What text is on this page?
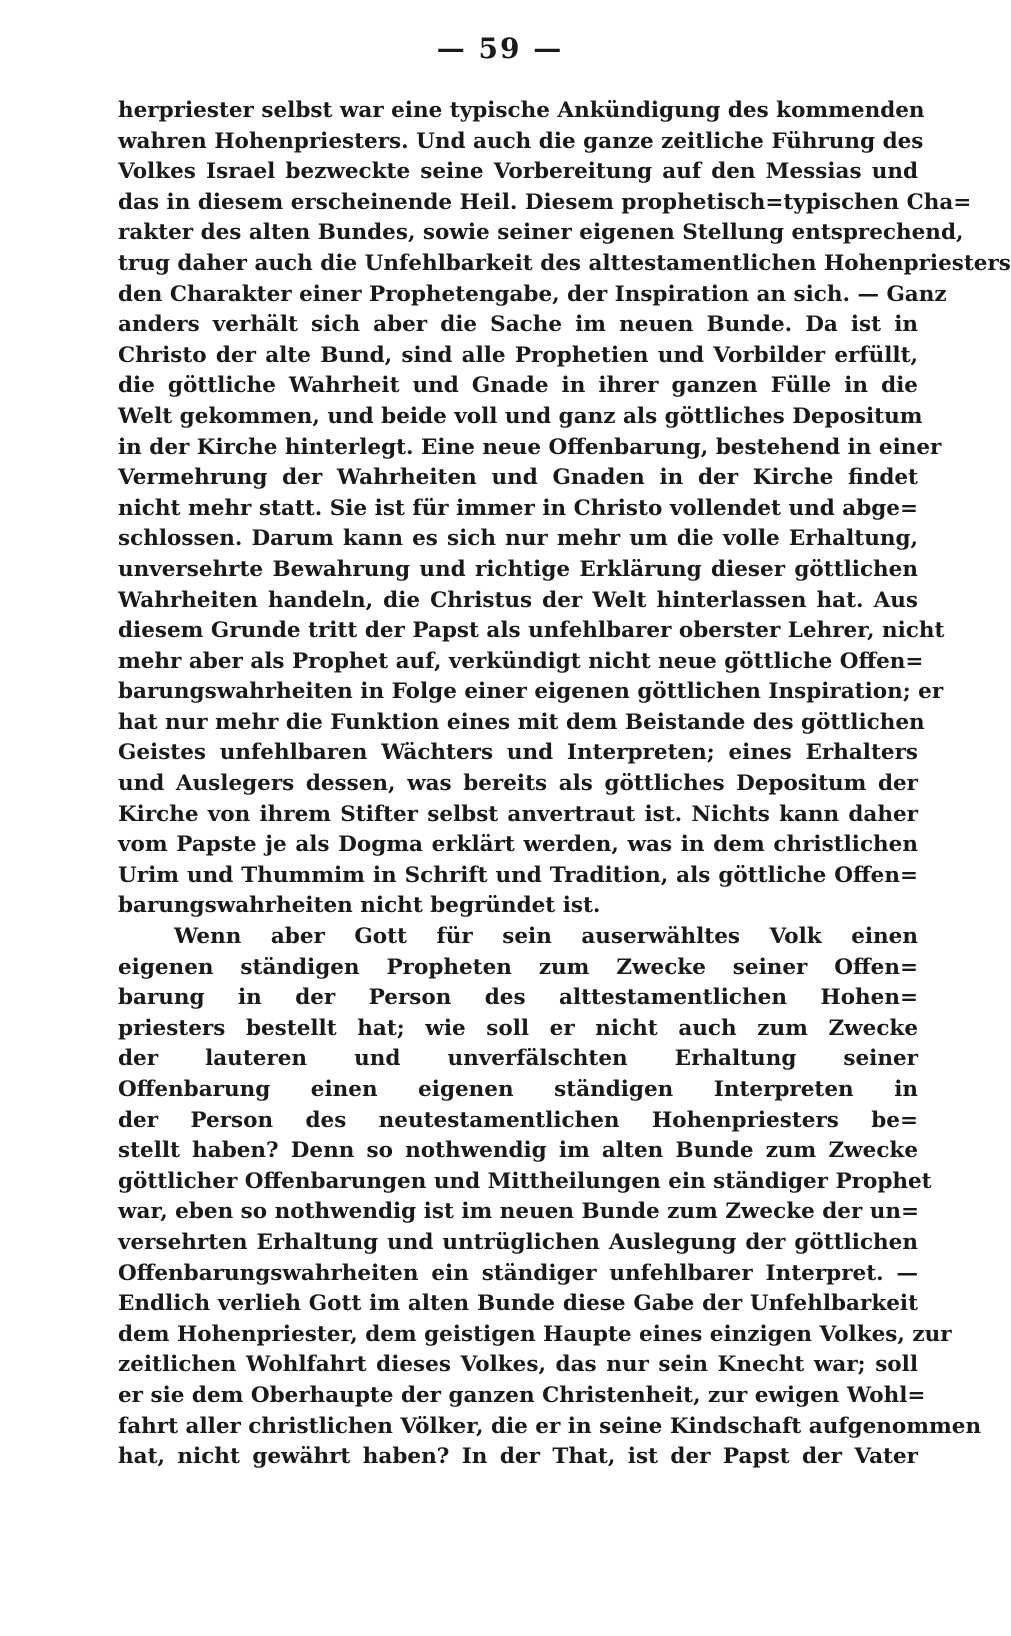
— 59 —
herpriester selbst war eine typische Ankündigung des kommenden
wahren Hohenpriesters. Und auch die ganze zeitliche Führung des
Volkes Israel bezweckte seine Vorbereitung auf den Messias und
das in diesem erscheinende Heil. Diesem prophetisch=typischen Cha=
rakter des alten Bundes, sowie seiner eigenen Stellung entsprechend,
trug daher auch die Unfehlbarkeit des alttestamentlichen Hohenpriesters
den Charakter einer Prophetengabe, der Inspiration an sich. — Ganz
anders verhält sich aber die Sache im neuen Bunde. Da ist in
Christo der alte Bund, sind alle Prophetien und Vorbilder erfüllt,
die göttliche Wahrheit und Gnade in ihrer ganzen Fülle in die
Welt gekommen, und beide voll und ganz als göttliches Depositum
in der Kirche hinterlegt. Eine neue Offenbarung, bestehend in einer
Vermehrung der Wahrheiten und Gnaden in der Kirche findet
nicht mehr statt. Sie ist für immer in Christo vollendet und abge=
schlossen. Darum kann es sich nur mehr um die volle Erhaltung,
unversehrte Bewahrung und richtige Erklärung dieser göttlichen
Wahrheiten handeln, die Christus der Welt hinterlassen hat. Aus
diesem Grunde tritt der Papst als unfehlbarer oberster Lehrer, nicht
mehr aber als Prophet auf, verkündigt nicht neue göttliche Offen=
barungswahrheiten in Folge einer eigenen göttlichen Inspiration; er
hat nur mehr die Funktion eines mit dem Beistande des göttlichen
Geistes unfehlbaren Wächters und Interpreten; eines Erhalters
und Auslegers dessen, was bereits als göttliches Depositum der
Kirche von ihrem Stifter selbst anvertraut ist. Nichts kann daher
vom Papste je als Dogma erklärt werden, was in dem christlichen
Urim und Thummim in Schrift und Tradition, als göttliche Offen=
barungswahrheiten nicht begründet ist.
Wenn aber Gott für sein auserwähltes Volk einen
eigenen ständigen Propheten zum Zwecke seiner Offen=
barung in der Person des alttestamentlichen Hohen=
priesters bestellt hat; wie soll er nicht auch zum Zwecke
der lauteren und unverfälschten Erhaltung seiner
Offenbarung einen eigenen ständigen Interpreten in
der Person des neutestamentlichen Hohenpriesters be=
stellt haben? Denn so nothwendig im alten Bunde zum Zwecke
göttlicher Offenbarungen und Mittheilungen ein ständiger Prophet
war, eben so nothwendig ist im neuen Bunde zum Zwecke der un=
versehrten Erhaltung und untrüglichen Auslegung der göttlichen
Offenbarungswahrheiten ein ständiger unfehlbarer Interpret. —
Endlich verlieh Gott im alten Bunde diese Gabe der Unfehlbarkeit
dem Hohenpriester, dem geistigen Haupte eines einzigen Volkes, zur
zeitlichen Wohlfahrt dieses Volkes, das nur sein Knecht war; soll
er sie dem Oberhaupte der ganzen Christenheit, zur ewigen Wohl=
fahrt aller christlichen Völker, die er in seine Kindschaft aufgenommen
hat, nicht gewährt haben? In der That, ist der Papst der Vater
